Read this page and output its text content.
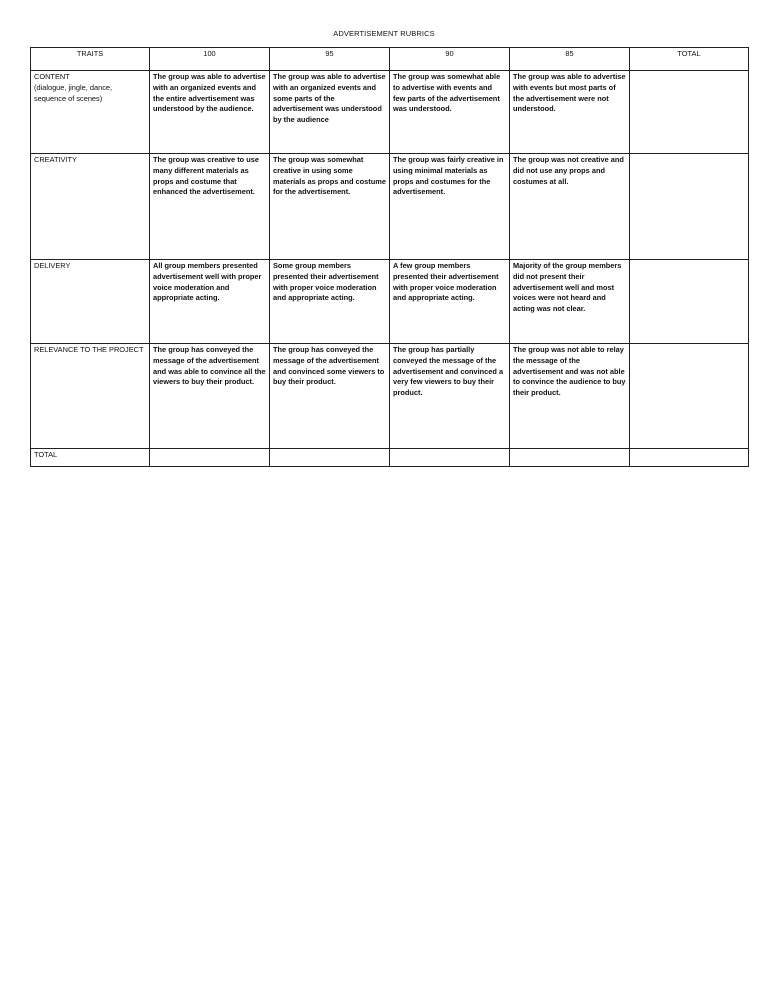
ADVERTISEMENT RUBRICS
TRAITS	100	95	90	85	TOTAL

CONTENT
(dialogue, jingle, dance, sequence of scenes)	The group was able to advertise with an organized events and the entire advertisement was understood by the audience.	The group was able to advertise with an organized events and some parts of the advertisement was understood by the audience	The group was somewhat able to advertise with events and few parts of the advertisement was understood.	The group was able to advertise with events but most parts of the advertisement were not understood.	

CREATIVITY	The group was creative to use many different materials as props and costume that enhanced the advertisement.	The group was somewhat creative in using some materials as props and costume for the advertisement.	The group was fairly creative in using minimal materials as props and costumes for the advertisement.	The group was not creative and did not use any props and costumes at all.	

DELIVERY	All group members presented advertisement well with proper voice moderation and appropriate acting.	Some group members presented their advertisement with proper voice moderation and appropriate acting.	A few group members presented their advertisement with proper voice moderation and appropriate acting.	Majority of the group members did not present their advertisement well and most voices were not heard and acting was not clear.	

RELEVANCE TO THE PROJECT	The group has conveyed the message of the advertisement and was able to convince all the viewers to buy their product.	The group has conveyed the message of the advertisement and convinced some viewers to buy their product.	The group has partially conveyed the message of the advertisement and convinced a very few viewers to buy their product.	The group was not able to relay the message of the advertisement and was not able to convince the audience to buy their product.	
TOTAL					
